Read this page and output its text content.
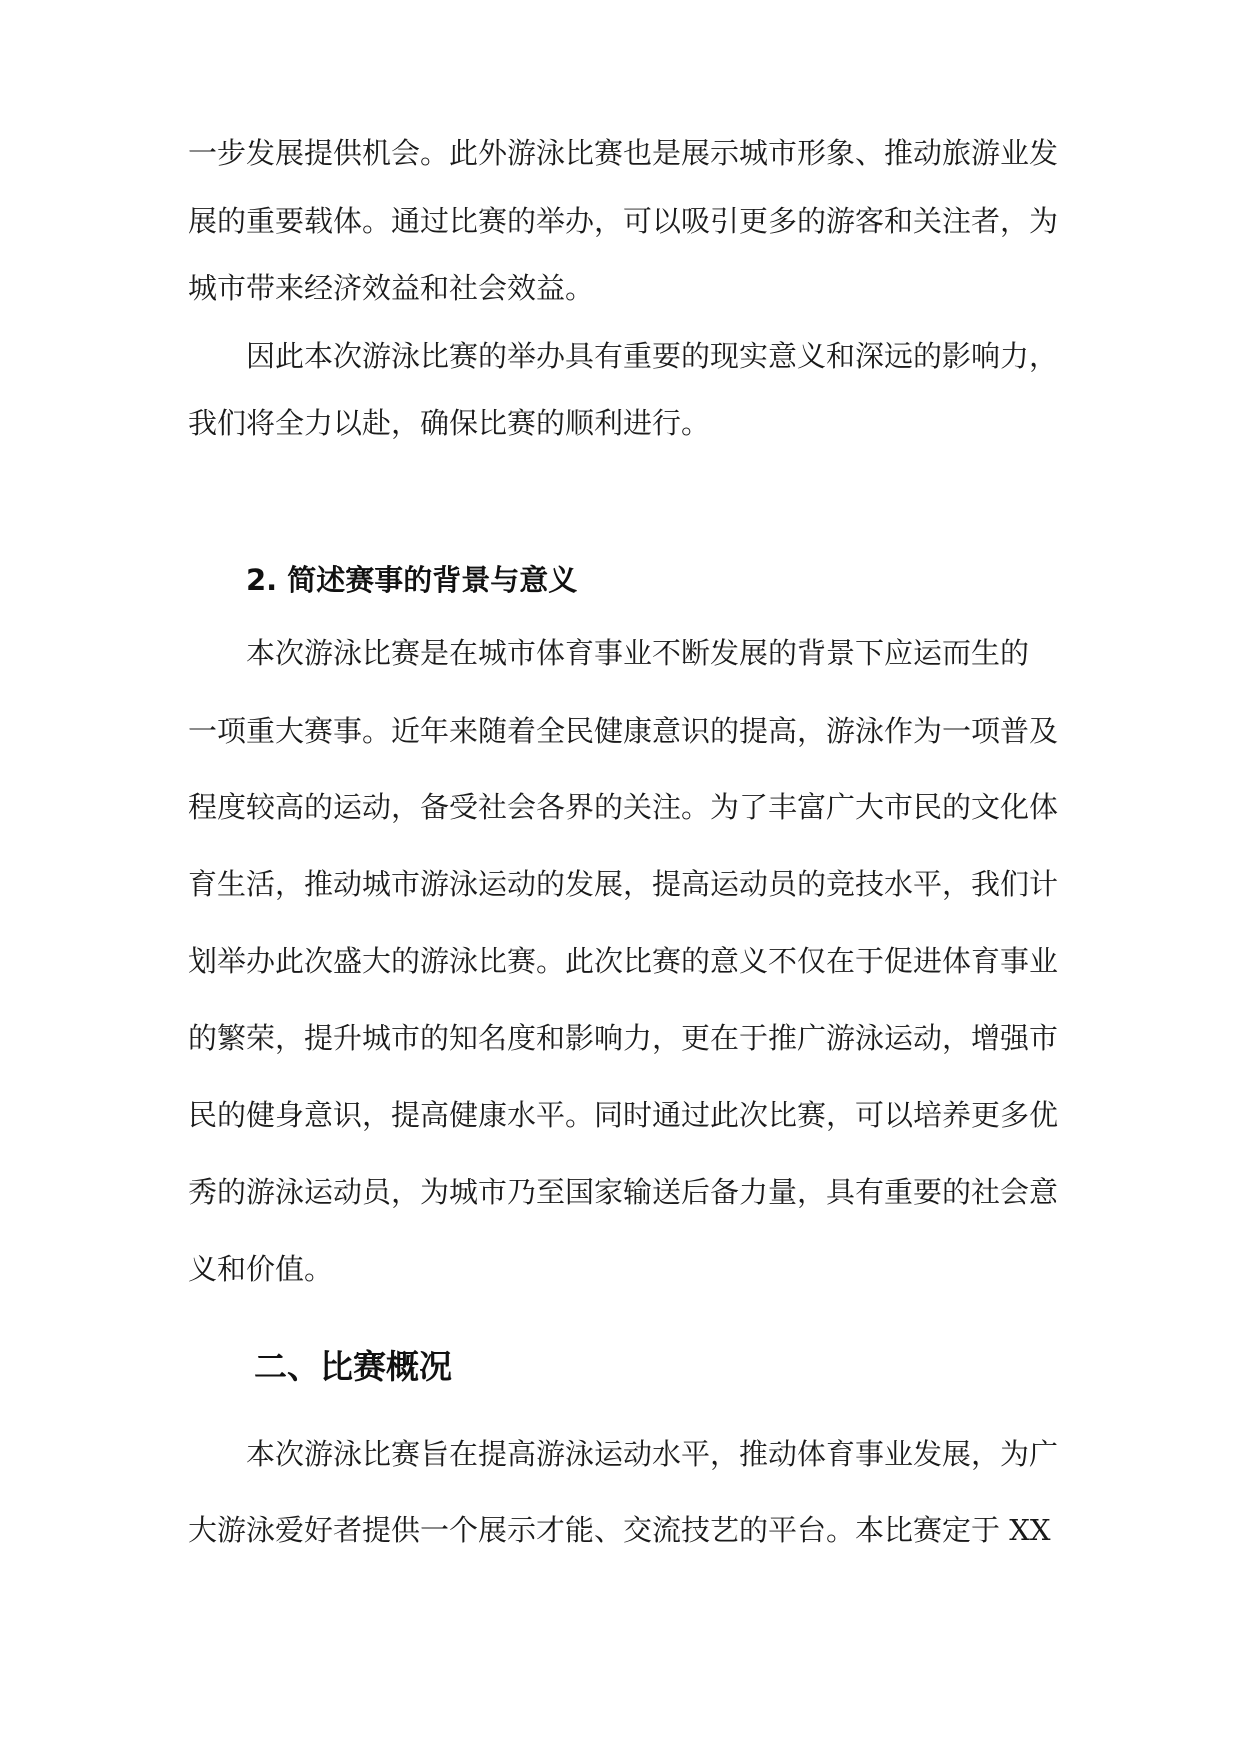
一步发展提供机会。此外游泳比赛也是展示城市形象、推动旅游业发
展的重要载体。通过比赛的举办，可以吸引更多的游客和关注者，为
城市带来经济效益和社会效益。
因此本次游泳比赛的举办具有重要的现实意义和深远的影响力，
我们将全力以赴，确保比赛的顺利进行。
2. 简述赛事的背景与意义
本次游泳比赛是在城市体育事业不断发展的背景下应运而生的
一项重大赛事。近年来随着全民健康意识的提高，游泳作为一项普及
程度较高的运动，备受社会各界的关注。为了丰富广大市民的文化体
育生活，推动城市游泳运动的发展，提高运动员的竞技水平，我们计
划举办此次盛大的游泳比赛。此次比赛的意义不仅在于促进体育事业
的繁荣，提升城市的知名度和影响力，更在于推广游泳运动，增强市
民的健身意识，提高健康水平。同时通过此次比赛，可以培养更多优
秀的游泳运动员，为城市乃至国家输送后备力量，具有重要的社会意
义和价值。
二、比赛概况
本次游泳比赛旨在提高游泳运动水平，推动体育事业发展，为广
大游泳爱好者提供一个展示才能、交流技艺的平台。本比赛定于 XX
